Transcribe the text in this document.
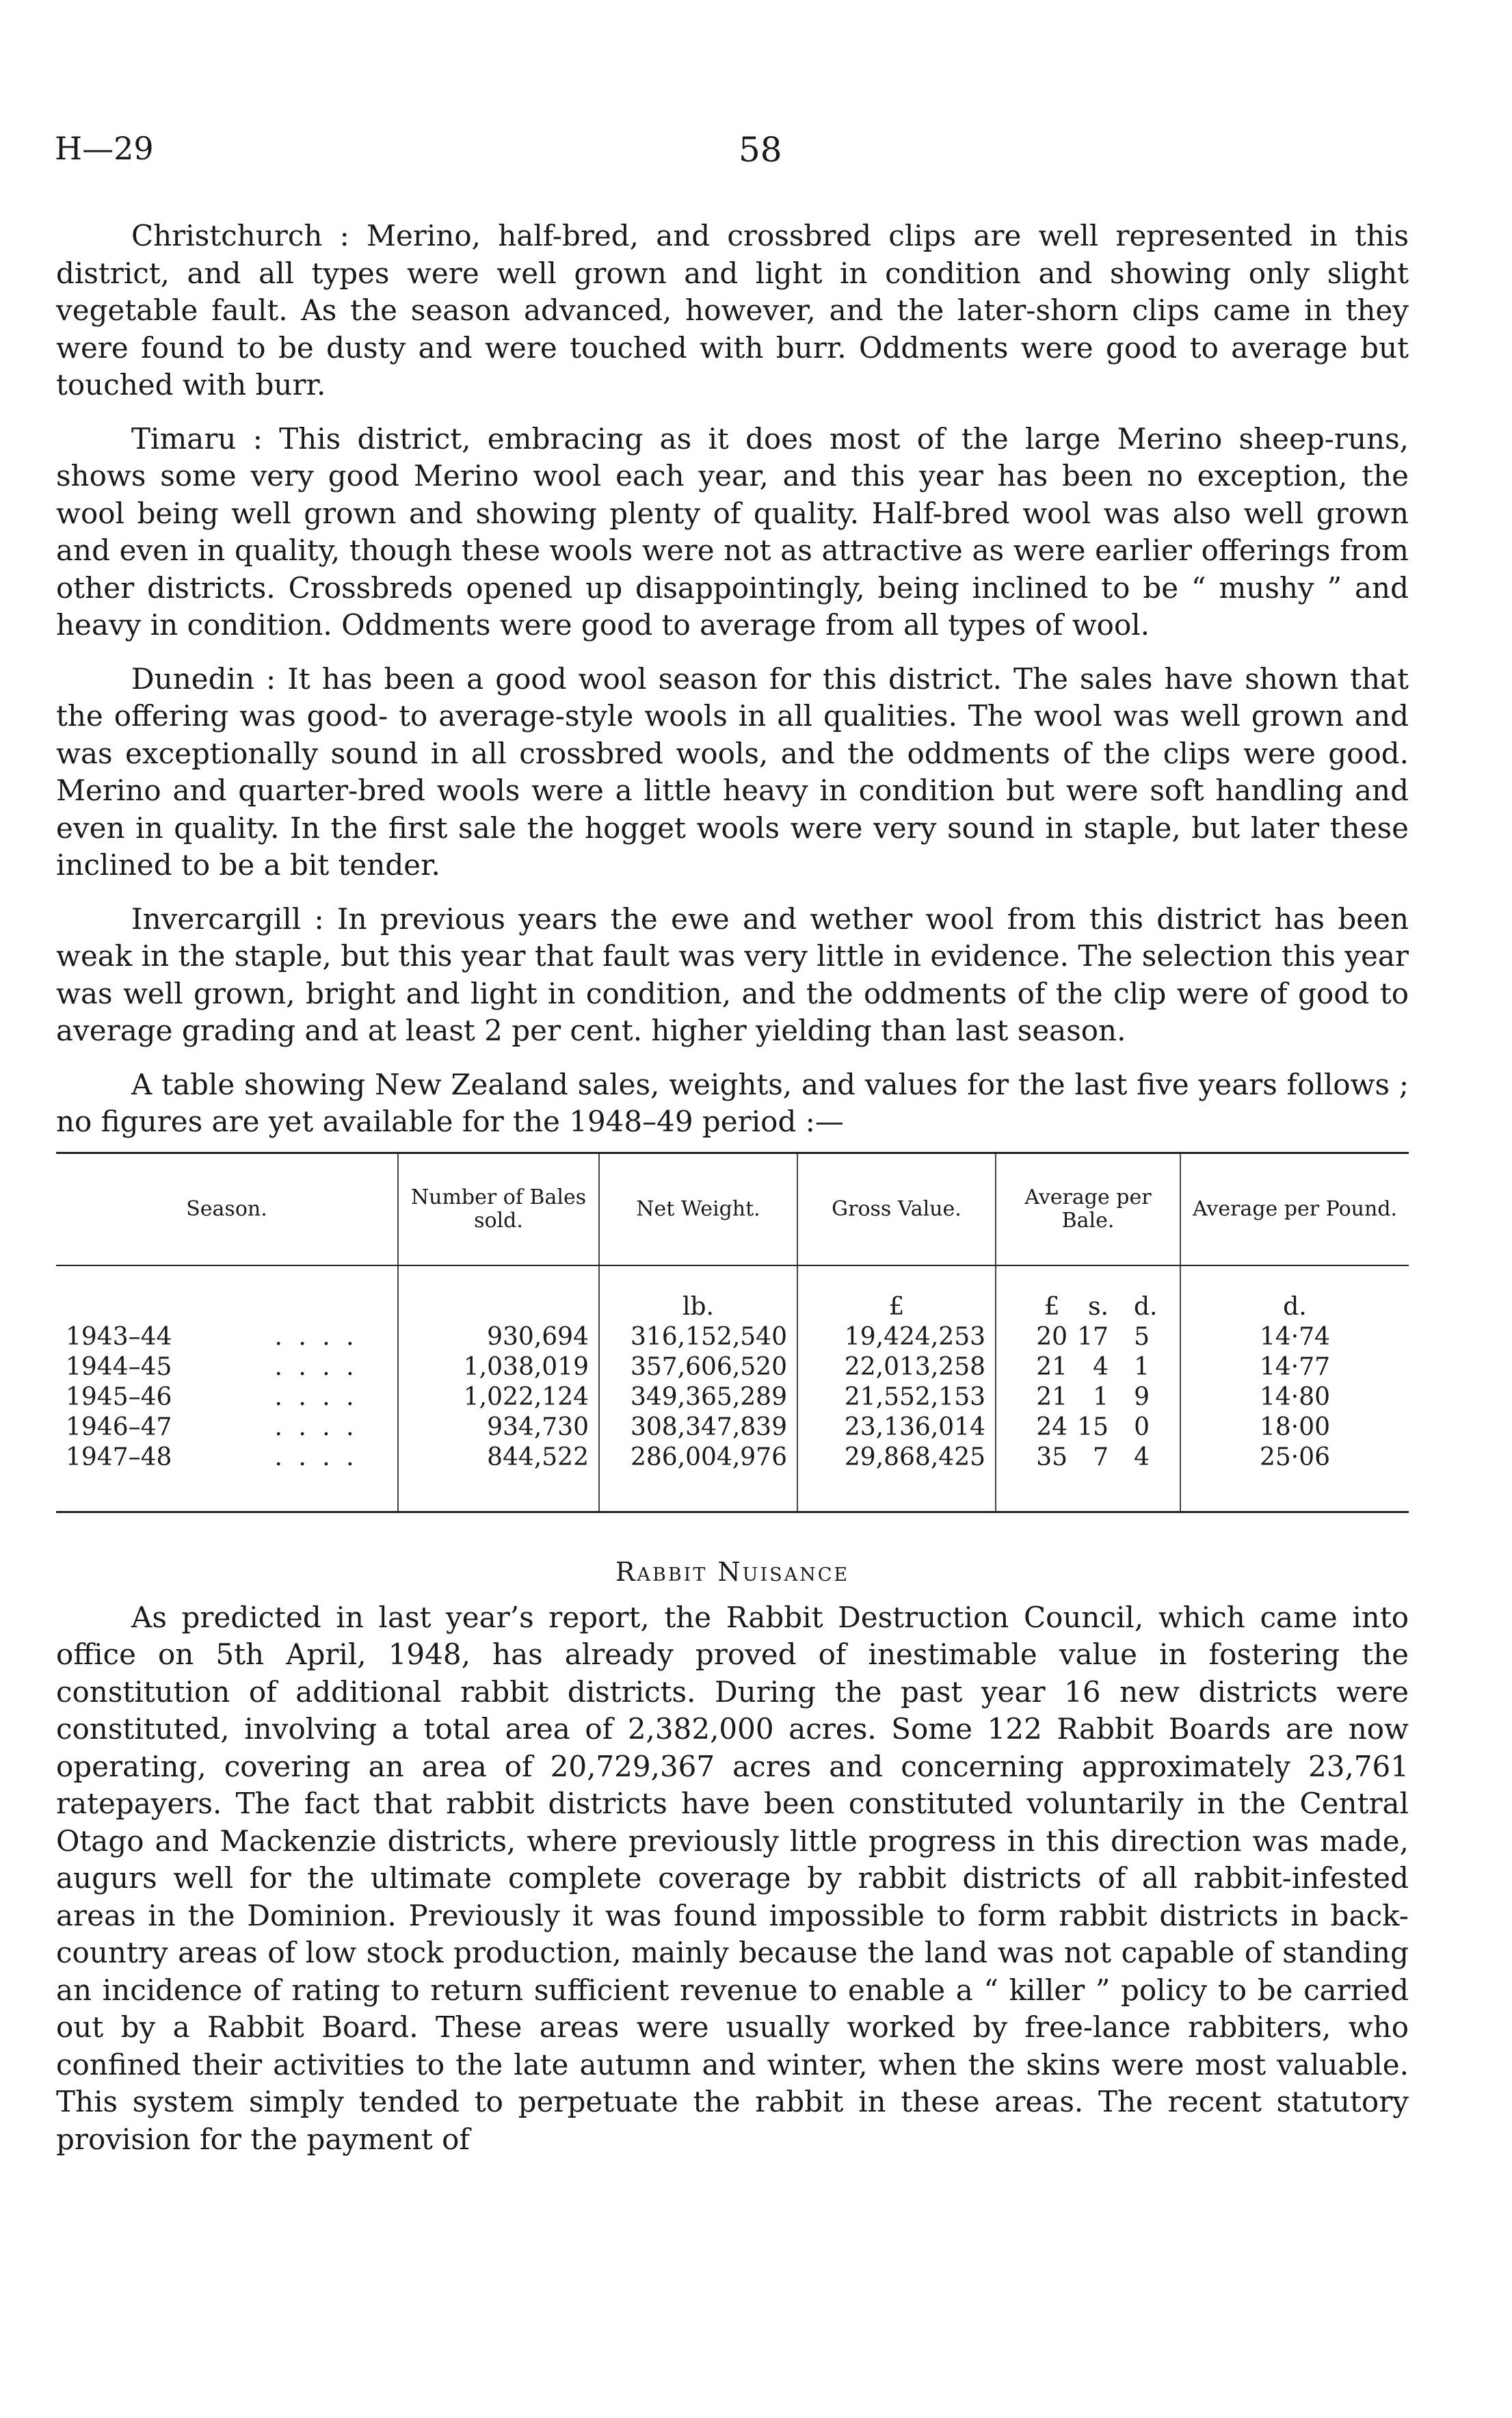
H—29	58

Christchurch : Merino, half-bred, and crossbred clips are well represented in this district, and all types were well grown and light in condition and showing only slight vegetable fault. As the season advanced, however, and the later-shorn clips came in they were found to be dusty and were touched with burr. Oddments were good to average but touched with burr.

Timaru : This district, embracing as it does most of the large Merino sheep-runs, shows some very good Merino wool each year, and this year has been no exception, the wool being well grown and showing plenty of quality. Half-bred wool was also well grown and even in quality, though these wools were not as attractive as were earlier offerings from other districts. Crossbreds opened up disappointingly, being inclined to be “ mushy ” and heavy in condition. Oddments were good to average from all types of wool.

Dunedin : It has been a good wool season for this district. The sales have shown that the offering was good- to average-style wools in all qualities. The wool was well grown and was exceptionally sound in all crossbred wools, and the oddments of the clips were good. Merino and quarter-bred wools were a little heavy in condition but were soft handling and even in quality. In the first sale the hogget wools were very sound in staple, but later these inclined to be a bit tender.

Invercargill : In previous years the ewe and wether wool from this district has been weak in the staple, but this year that fault was very little in evidence. The selection this year was well grown, bright and light in condition, and the oddments of the clip were of good to average grading and at least 2 per cent. higher yielding than last season.

A table showing New Zealand sales, weights, and values for the last five years follows ; no figures are yet available for the 1948–49 period :—

Season.	Number of Bales sold.	Net Weight.	Gross Value.	Average per Bale.	Average per Pound.
		lb.	£	£ s. d.	d.
1943–44 . . . .	930,694	316,152,540	19,424,253	20 17 5	14·74
1944–45 . . . .	1,038,019	357,606,520	22,013,258	21 4 1	14·77
1945–46 . . . .	1,022,124	349,365,289	21,552,153	21 1 9	14·80
1946–47 . . . .	934,730	308,347,839	23,136,014	24 15 0	18·00
1947–48 . . . .	844,522	286,004,976	29,868,425	35 7 4	25·06
Rabbit Nuisance

As predicted in last year’s report, the Rabbit Destruction Council, which came into office on 5th April, 1948, has already proved of inestimable value in fostering the constitution of additional rabbit districts. During the past year 16 new districts were constituted, involving a total area of 2,382,000 acres. Some 122 Rabbit Boards are now operating, covering an area of 20,729,367 acres and concerning approximately 23,761 ratepayers. The fact that rabbit districts have been constituted voluntarily in the Central Otago and Mackenzie districts, where previously little progress in this direction was made, augurs well for the ultimate complete coverage by rabbit districts of all rabbit-infested areas in the Dominion. Previously it was found impossible to form rabbit districts in back-country areas of low stock production, mainly because the land was not capable of standing an incidence of rating to return sufficient revenue to enable a “ killer ” policy to be carried out by a Rabbit Board. These areas were usually worked by free-lance rabbiters, who confined their activities to the late autumn and winter, when the skins were most valuable. This system simply tended to perpetuate the rabbit in these areas. The recent statutory provision for the payment of
